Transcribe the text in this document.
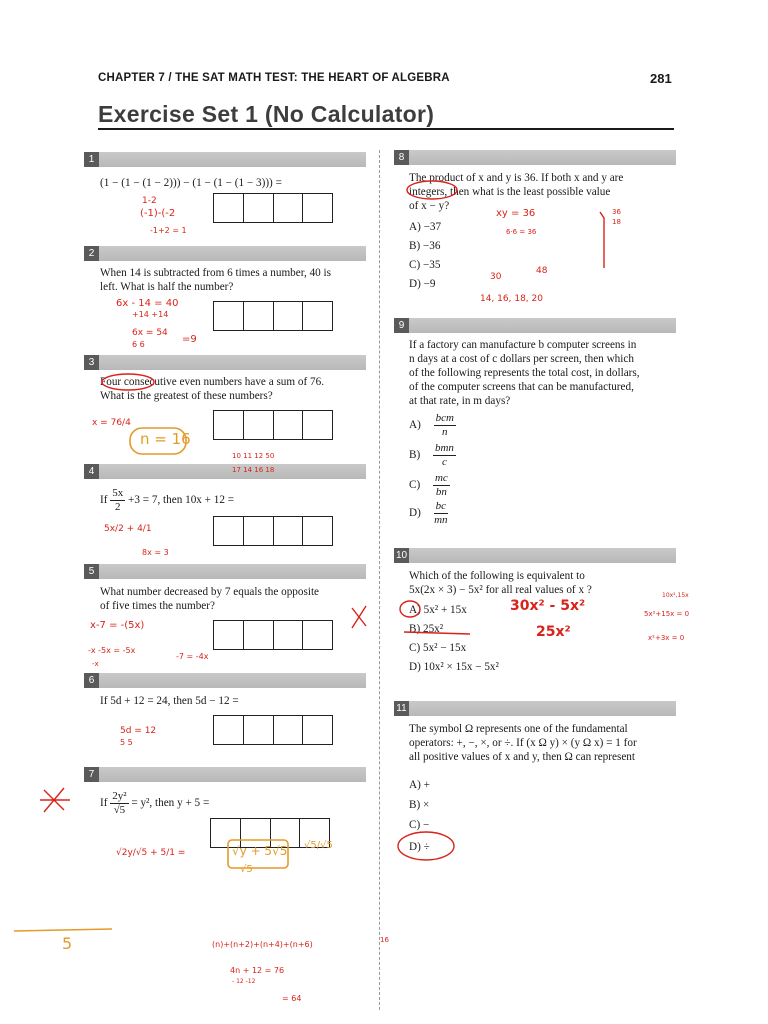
CHAPTER 7 / THE SAT MATH TEST: THE HEART OF ALGEBRA	281
Exercise Set 1 (No Calculator)
1
(1 − (1 − (1 − 2))) − (1 − (1 − (1 − 3))) =
2
When 14 is subtracted from 6 times a number, 40 is
left. What is half the number?
3
Four consecutive even numbers have a sum of 76.
What is the greatest of these numbers?
4
If $\frac{5x}{2} +3 = 7$, then 10x + 12 =
5
What number decreased by 7 equals the opposite
of five times the number?
6
If 5d + 12 = 24, then 5d − 12 =
7
If $\frac{\text{2y²}}{√5} = y^2$, then y + 5 =
8
The product of x and y is 36. If both x and y are
integers, then what is the least possible value
of x − y?
A) −37
B) −36
C) −35
D) −9
9
If a factory can manufacture b computer screens in
n days at a cost of c dollars per screen, then which
of the following represents the total cost, in dollars,
of the computer screens that can be manufactured,
at that rate, in m days?
$A) \frac{\text{bcm}}{n}$
$B) \frac{\text{bmn}}{c}$
$C) \frac{mc}{bn}$
$D) \frac{bc}{mn}$
10
Which of the following is equivalent to
5x(2x × 3) − 5x² for all real values of x ?
A) 5x² + 15x
B) 25x²
C) 5x² − 15x
D) 10x² × 15x − 5x²
11
The symbol Ω represents one of the fundamental
operators: +, −, ×, or ÷. If (x Ω y) × (y Ω x) = 1 for
all positive values of x and y, then Ω can represent
A) +
B) ×
C) −
D) ÷
1-2
(-1)-(-2
-1+2 = 1
6x - 14 = 40
+14 +14
6x = 54
6 6	=9
x = 76/4
n = 16
10 11 12 50
17 14 16 18
5x/2 + 4/1
8x = 3
x-7 = -(5x)
-x -5x = -5x
-7 = -4x
-x
5d = 12
5 5
√2y/√5 + 5/1 =	√y + 5√5
√5
√5/√5
xy = 36
6·6 = 36
36
18
30
48
14, 16, 18, 20
30x² - 5x²
25x²
10x²,15x
5x²+15x = 0
x²+3x = 0
5	(n)+(n+2)+(n+4)+(n+6)
4n + 12 = 76
- 12 -12
= 64
16
